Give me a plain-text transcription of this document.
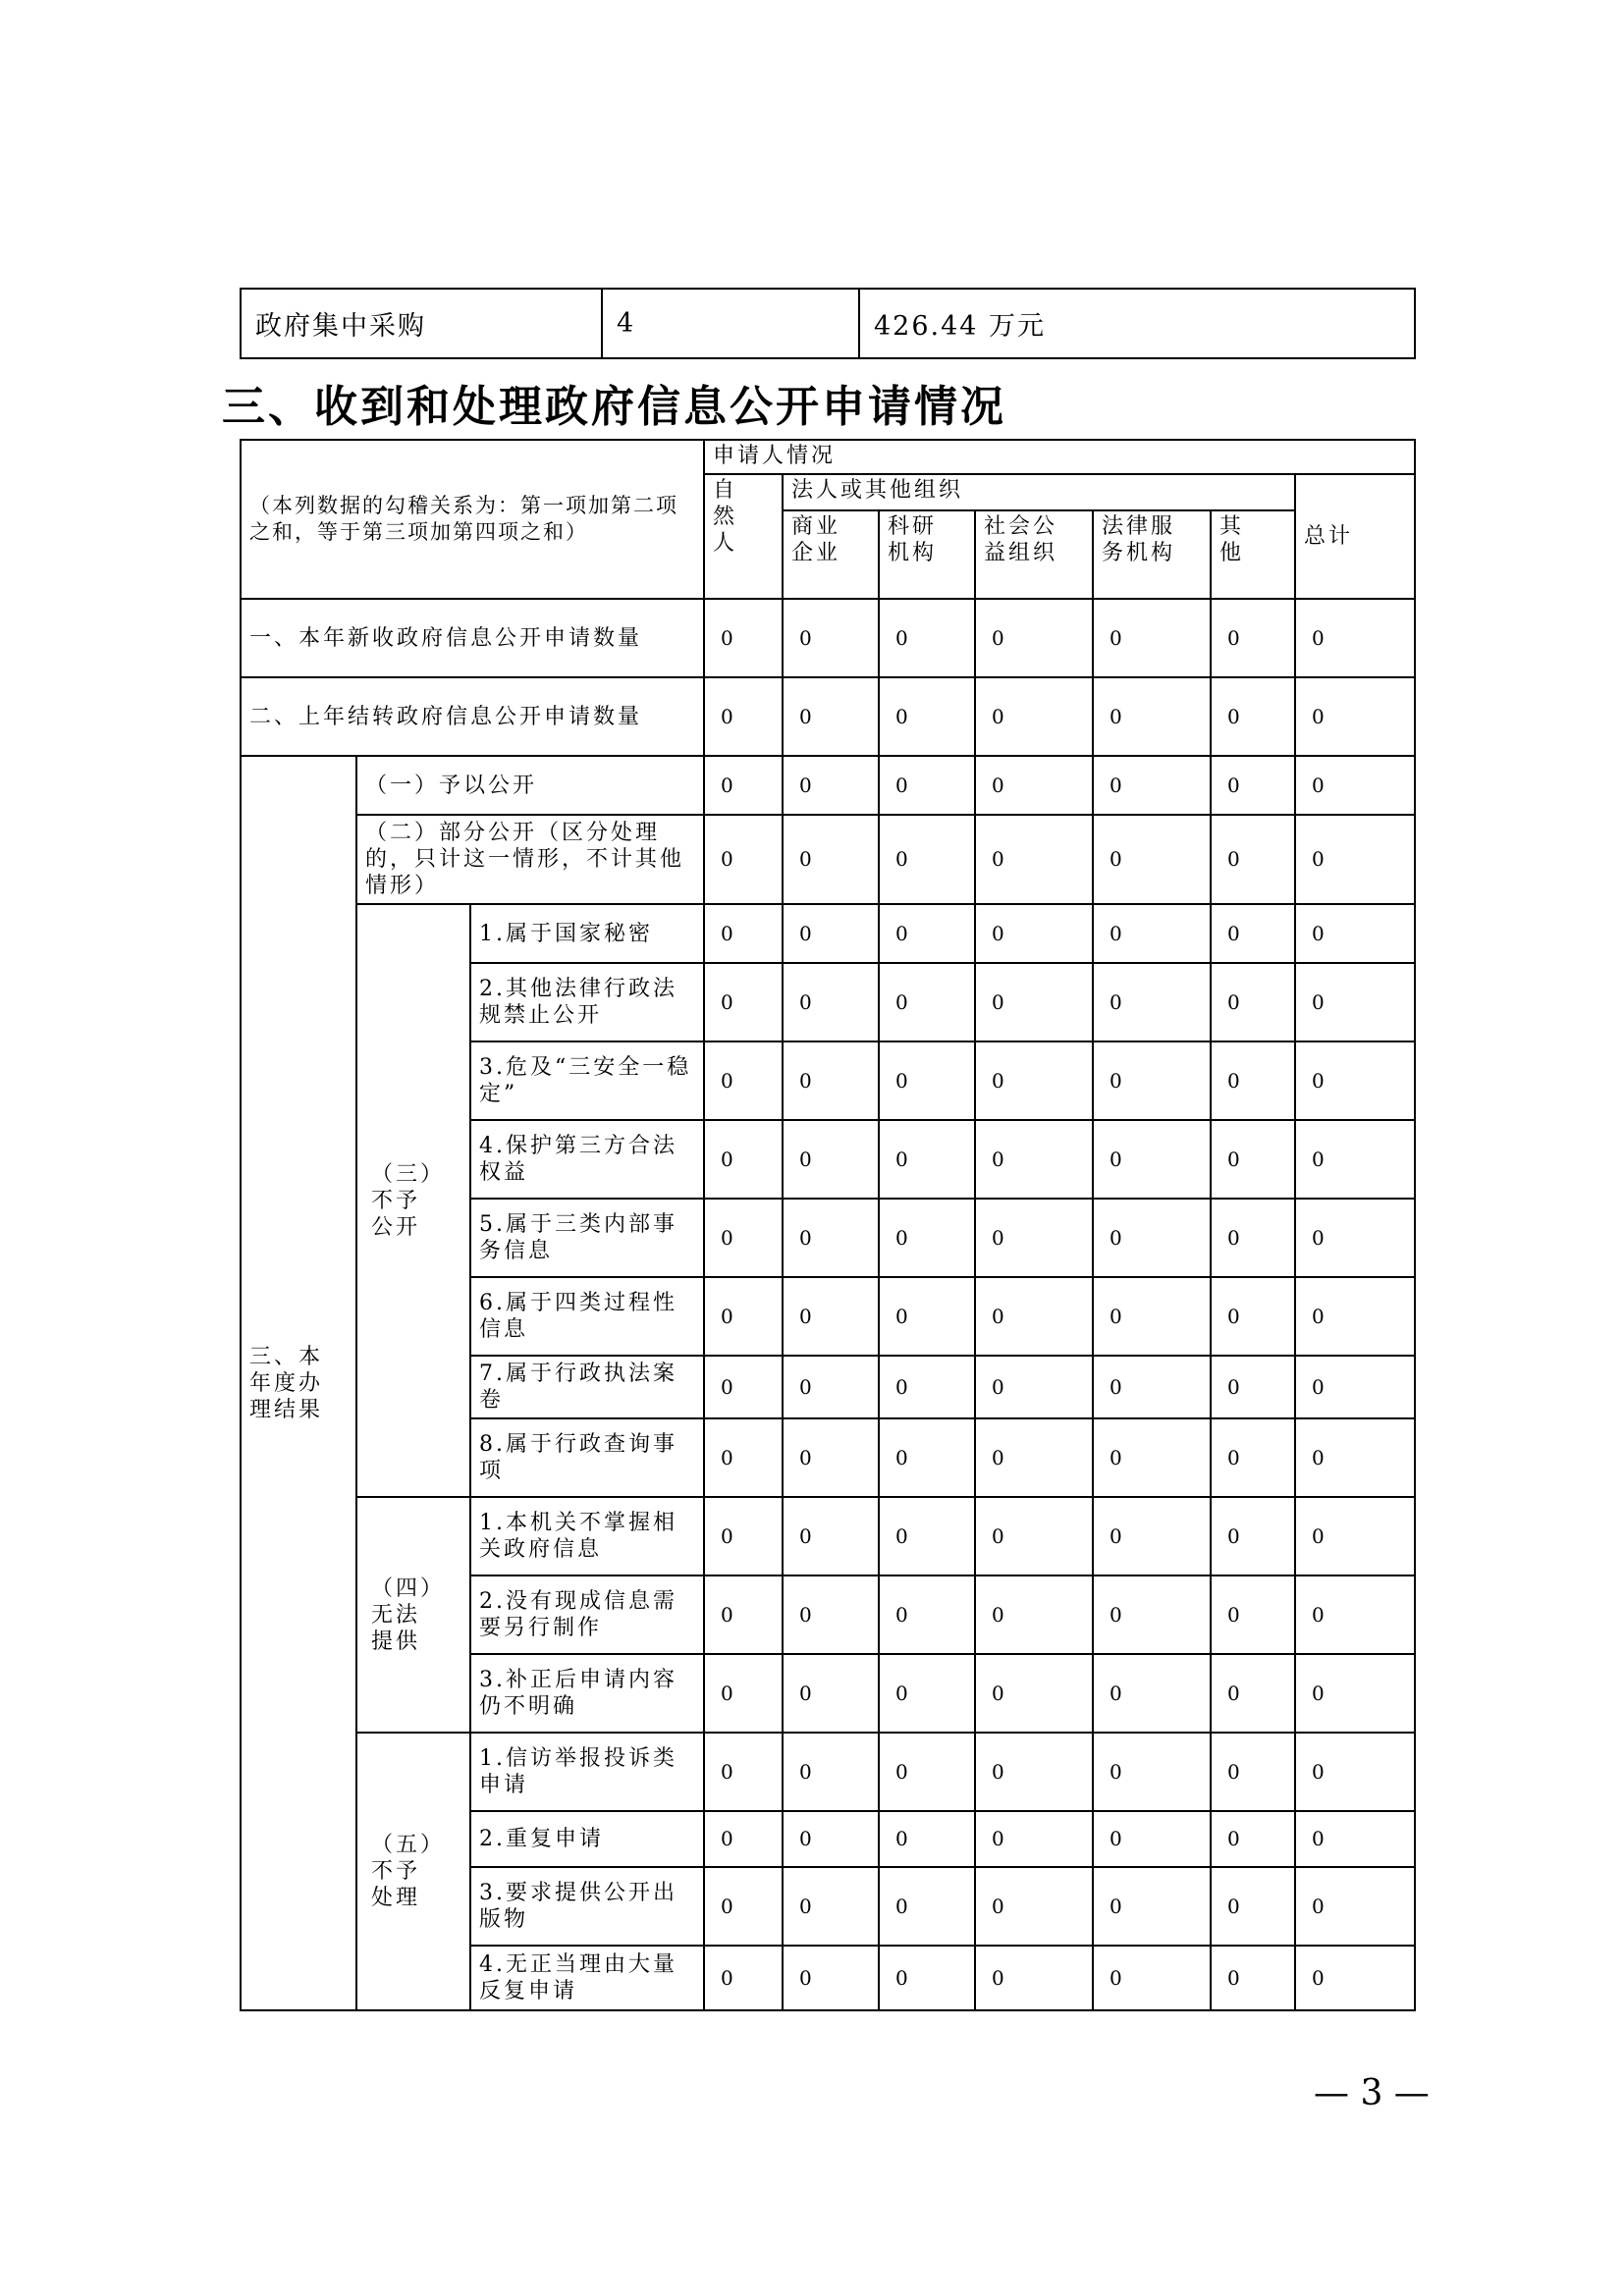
政府集中采购	4	426.44 万元
三、收到和处理政府信息公开申请情况
（本列数据的勾稽关系为：第一项加第二项之和，等于第三项加第四项之和）			申请人情况						

			自然人	法人或其他组织					总计

				商业企业	科研机构	社会公益组织	法律服务机构	其他	

一、本年新收政府信息公开申请数量			0	0	0	0	0	0	0
二、上年结转政府信息公开申请数量			0	0	0	0	0	0	0

三、本年度办理结果	（一）予以公开		0	0	0	0	0	0	0
	（二）部分公开（区分处理的，只计这一情形，不计其他情形）		0	0	0	0	0	0	0

	（三）不予公开	1.属于国家秘密	0	0	0	0	0	0	0
		2.其他法律行政法规禁止公开	0	0	0	0	0	0	0
		3.危及“三安全一稳定”	0	0	0	0	0	0	0
		4.保护第三方合法权益	0	0	0	0	0	0	0
		5.属于三类内部事务信息	0	0	0	0	0	0	0
		6.属于四类过程性信息	0	0	0	0	0	0	0
		7.属于行政执法案卷	0	0	0	0	0	0	0
		8.属于行政查询事项	0	0	0	0	0	0	0

	（四）无法提供	1.本机关不掌握相关政府信息	0	0	0	0	0	0	0
		2.没有现成信息需要另行制作	0	0	0	0	0	0	0
		3.补正后申请内容仍不明确	0	0	0	0	0	0	0

	（五）不予处理	1.信访举报投诉类申请	0	0	0	0	0	0	0
		2.重复申请	0	0	0	0	0	0	0
		3.要求提供公开出版物	0	0	0	0	0	0	0
		4.无正当理由大量反复申请	0	0	0	0	0	0	0
— 3 —
